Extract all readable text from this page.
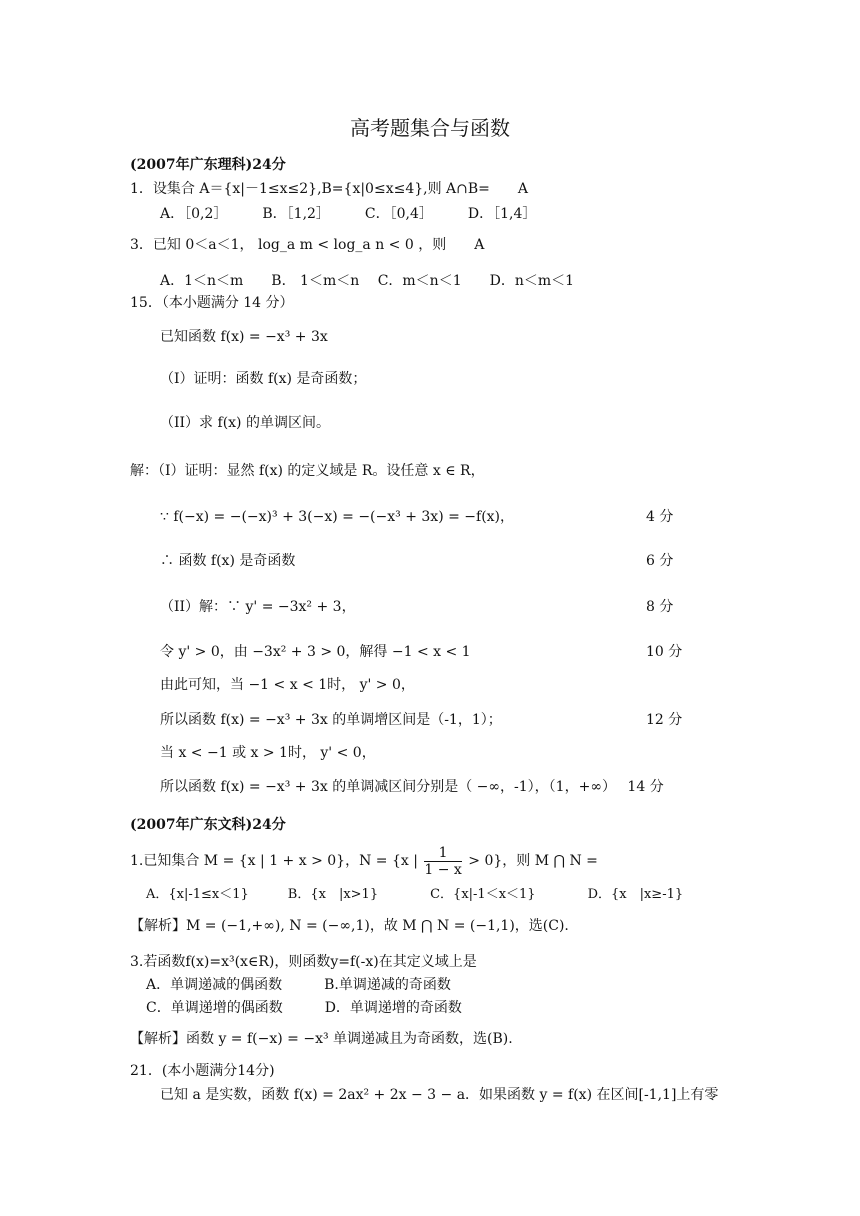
高考题集合与函数
(2007年广东理科)24分
1．设集合 A＝{x|－1≤x≤2},B={x|0≤x≤4},则 A∩B=　　A
A．［0,2］　　　B．［1,2］　　　C．［0,4］　　　D．［1,4］
3．已知 0＜a＜1， log_a m < log_a n < 0 ，则　　A
A．1＜n＜m　　B． 1＜m＜n　 C．m＜n＜1　　D．n＜m＜1
15．（本小题满分 14 分）
已知函数 f(x) = −x³ + 3x
（I）证明：函数 f(x) 是奇函数；
（II）求 f(x) 的单调区间。
解：（I）证明：显然 f(x) 的定义域是 R。设任意 x ∈ R，
∵ f(−x) = −(−x)³ + 3(−x) = −(−x³ + 3x) = −f(x)，	4 分
∴ 函数 f(x) 是奇函数	6 分
（II）解：∵ y' = −3x² + 3，	8 分
令 y' > 0，由 −3x² + 3 > 0，解得 −1 < x < 1	10 分
由此可知，当 −1 < x < 1时， y' > 0，
所以函数 f(x) = −x³ + 3x 的单调增区间是（-1，1）；	12 分
当 x < −1 或 x > 1时， y' < 0，
所以函数 f(x) = −x³ + 3x 的单调减区间分别是（ −∞，-1），（1，+∞）　 14 分
(2007年广东文科)24分
1.已知集合 M = {x | 1 + x > 0}，N = {x | $\frac{1}{1 - x} > 0$}，则 M ⋂ N =
A．{x|-1≤x＜1}　　　B．{x　|x>1}　　　　C．{x|-1＜x＜1}　　　　D．{x　|x≥-1}
【解析】M = (−1,+∞), N = (−∞,1)，故 M ⋂ N = (−1,1)，选(C).
3.若函数f(x)=x³(x∈R)，则函数y=f(-x)在其定义域上是
A．单调递减的偶函数　　　B.单调递减的奇函数
C．单调递增的偶函数　　　D．单调递增的奇函数
【解析】函数 y = f(−x) = −x³ 单调递减且为奇函数，选(B).
21．(本小题满分14分)
已知 a 是实数，函数 f(x) = 2ax² + 2x − 3 − a．如果函数 y = f(x) 在区间[-1,1]上有零
